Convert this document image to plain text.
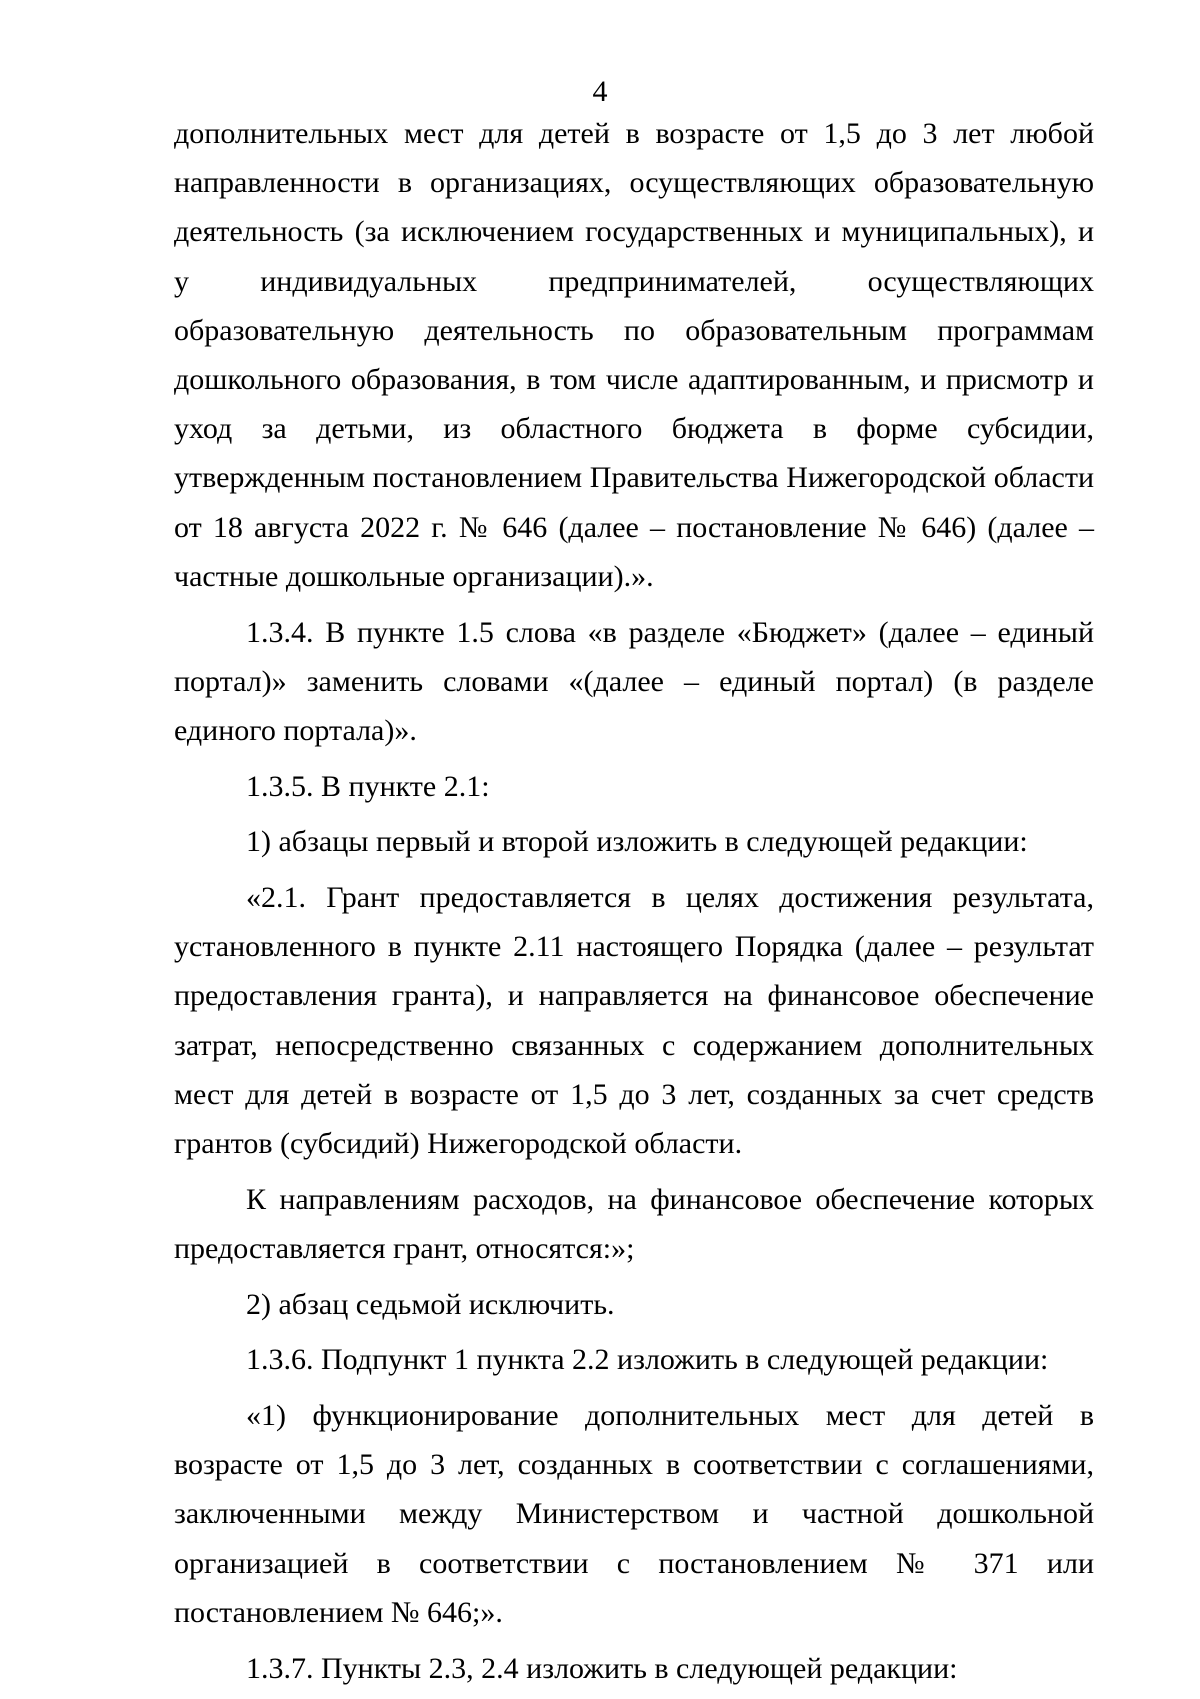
4

дополнительных мест для детей в возрасте от 1,5 до 3 лет любой направленности в организациях, осуществляющих образовательную деятельность (за исключением государственных и муниципальных), и у индивидуальных предпринимателей, осуществляющих образовательную деятельность по образовательным программам дошкольного образования, в том числе адаптированным, и присмотр и уход за детьми, из областного бюджета в форме субсидии, утвержденным постановлением Правительства Нижегородской области от 18 августа 2022 г. № 646 (далее – постановление № 646) (далее – частные дошкольные организации).».

1.3.4. В пункте 1.5 слова «в разделе «Бюджет» (далее – единый портал)» заменить словами «(далее – единый портал) (в разделе единого портала)».

1.3.5. В пункте 2.1:

1) абзацы первый и второй изложить в следующей редакции:

«2.1. Грант предоставляется в целях достижения результата, установленного в пункте 2.11 настоящего Порядка (далее – результат предоставления гранта), и направляется на финансовое обеспечение затрат, непосредственно связанных с содержанием дополнительных мест для детей в возрасте от 1,5 до 3 лет, созданных за счет средств грантов (субсидий) Нижегородской области.

К направлениям расходов, на финансовое обеспечение которых предоставляется грант, относятся:»;

2) абзац седьмой исключить.

1.3.6. Подпункт 1 пункта 2.2 изложить в следующей редакции:

«1) функционирование дополнительных мест для детей в возрасте от 1,5 до 3 лет, созданных в соответствии с соглашениями, заключенными между Министерством и частной дошкольной организацией в соответствии с постановлением № 371 или постановлением № 646;».

1.3.7. Пункты 2.3, 2.4 изложить в следующей редакции:
